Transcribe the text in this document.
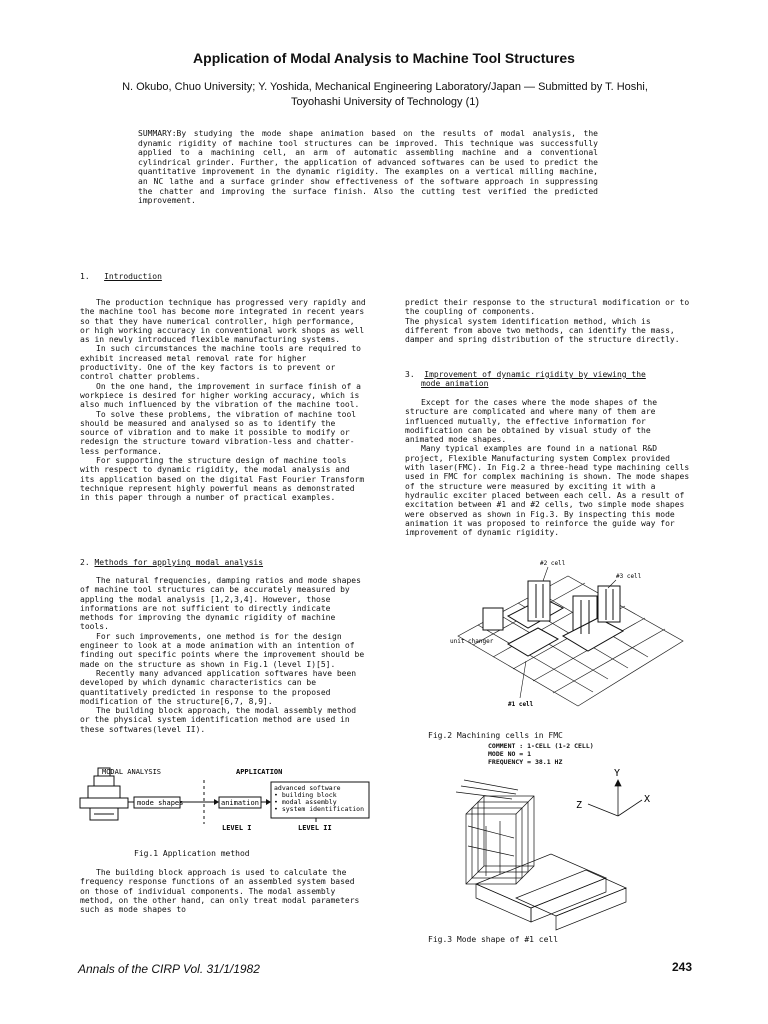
Application of Modal Analysis to Machine Tool Structures
N. Okubo, Chuo University; Y. Yoshida, Mechanical Engineering Laboratory/Japan — Submitted by T. Hoshi,
Toyohashi University of Technology (1)
SUMMARY:By studying the mode shape animation based on the results of modal analysis, the dynamic rigidity of machine tool structures can be improved. This technique was successfully applied to a machining cell, an arm of automatic assembling machine and a conventional cylindrical grinder. Further, the application of advanced softwares can be used to predict the quantitative improvement in the dynamic rigidity. The examples on a vertical milling machine, an NC lathe and a surface grinder show effectiveness of the software approach in suppressing the chatter and improving the surface finish. Also the cutting test verified the predicted improvement.
1. Introduction

The production technique has progressed very rapidly and the machine tool has become more integrated in recent years so that they have numerical controller, high performance, or high working accuracy in conventional work shops as well as in newly introduced flexible manufacturing systems.

In such circumstances the machine tools are required to exhibit increased metal removal rate for higher productivity. One of the key factors is to prevent or control chatter problems.

On the one hand, the improvement in surface finish of a workpiece is desired for higher working accuracy, which is also much influenced by the vibration of the machine tool.

To solve these problems, the vibration of machine tool should be measured and analysed so as to identify the source of vibration and to make it possible to modify or redesign the structure toward vibration-less and chatter-less performance.

For supporting the structure design of machine tools with respect to dynamic rigidity, the modal analysis and its application based on the digital Fast Fourier Transform technique represent highly powerful means as demonstrated in this paper through a number of practical examples.

2. Methods for applying modal analysis

The natural frequencies, damping ratios and mode shapes of machine tool structures can be accurately measured by appling the modal analysis [1,2,3,4]. However, those informations are not sufficient to directly indicate methods for improving the dynamic rigidity of machine tools.

For such improvements, one method is for the design engineer to look at a mode animation with an intention of finding out specific points where the improvement should be made on the structure as shown in Fig.1 (level I)[5].

Recently many advanced application softwares have been developed by which dynamic characteristics can be quantitatively predicted in response to the proposed modification of the structure[6,7, 8,9].

The building block approach, the modal assembly method or the physical system identification method are used in these softwares(level II).

MODAL ANALYSIS	APPLICATION
mode shapes	animation
advanced software
• building block
• modal assembly
• system identification
LEVEL I	LEVEL II
Fig.1 Application method

The building block approach is used to calculate the frequency response functions of an assembled system based on those of individual components. The modal assembly method, on the other hand, can only treat modal parameters such as mode shapes to

predict their response to the structural modification or to the coupling of components.

The physical system identification method, which is different from above two methods, can identify the mass, damper and spring distribution of the structure directly.

3. Improvement of dynamic rigidity by viewing the
mode animation

Except for the cases where the mode shapes of the structure are complicated and where many of them are influenced mutually, the effective information for modification can be obtained by visual study of the animated mode shapes.

Many typical examples are found in a national R&D project, Flexible Manufacturing system Complex provided with laser(FMC). In Fig.2 a three-head type machining cells used in FMC for complex machining is shown. The mode shapes of the structure were measured by exciting it with a hydraulic exciter placed between each cell. As a result of excitation between #1 and #2 cells, two simple mode shapes were observed as shown in Fig.3. By inspecting this mode animation it was proposed to reinforce the guide way for improvement of dynamic rigidity.

#2 cell
#3 cell
unit changer
#1 cell
Fig.2 Machining cells in FMC
COMMENT : 1-CELL (1-2 CELL)
MODE NO = 1
FREQUENCY = 38.1 HZ
Y
Z
X
Fig.3 Mode shape of #1 cell
Annals of the CIRP Vol. 31/1/1982	243
